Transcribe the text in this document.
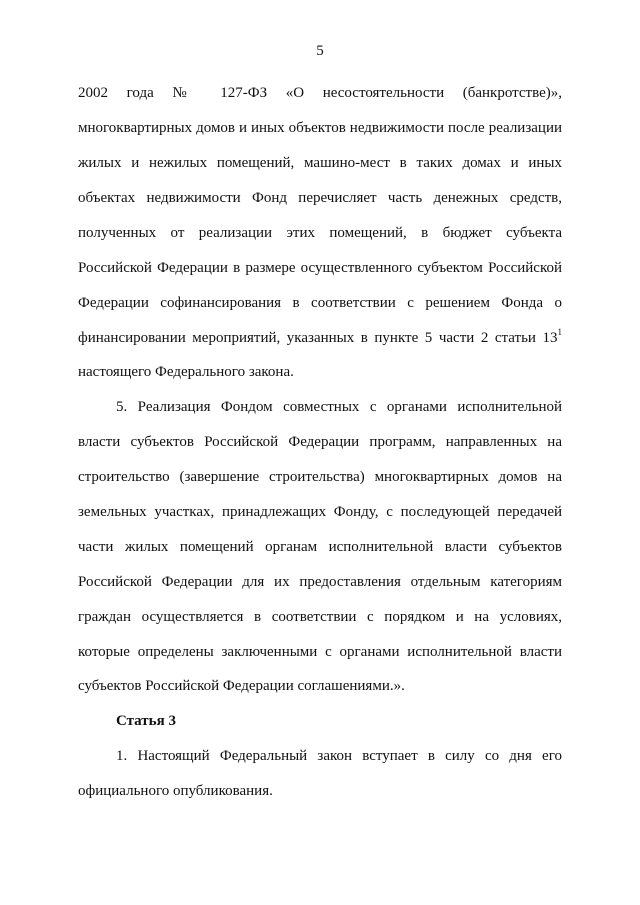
5
2002 года № 127-ФЗ «О несостоятельности (банкротстве)»,
многоквартирных домов и иных объектов недвижимости после реализации
жилых и нежилых помещений, машино-мест в таких домах и иных
объектах недвижимости Фонд перечисляет часть денежных средств,
полученных от реализации этих помещений, в бюджет субъекта
Российской Федерации в размере осуществленного субъектом Российской
Федерации софинансирования в соответствии с решением Фонда о
финансировании мероприятий, указанных в пункте 5 части 2 статьи $13^1$
настоящего Федерального закона.
5. Реализация Фондом совместных с органами исполнительной
власти субъектов Российской Федерации программ, направленных на
строительство (завершение строительства) многоквартирных домов на
земельных участках, принадлежащих Фонду, с последующей передачей
части жилых помещений органам исполнительной власти субъектов
Российской Федерации для их предоставления отдельным категориям
граждан осуществляется в соответствии с порядком и на условиях,
которые определены заключенными с органами исполнительной власти
субъектов Российской Федерации соглашениями.».
Статья 3
1. Настоящий Федеральный закон вступает в силу со дня его
официального опубликования.
